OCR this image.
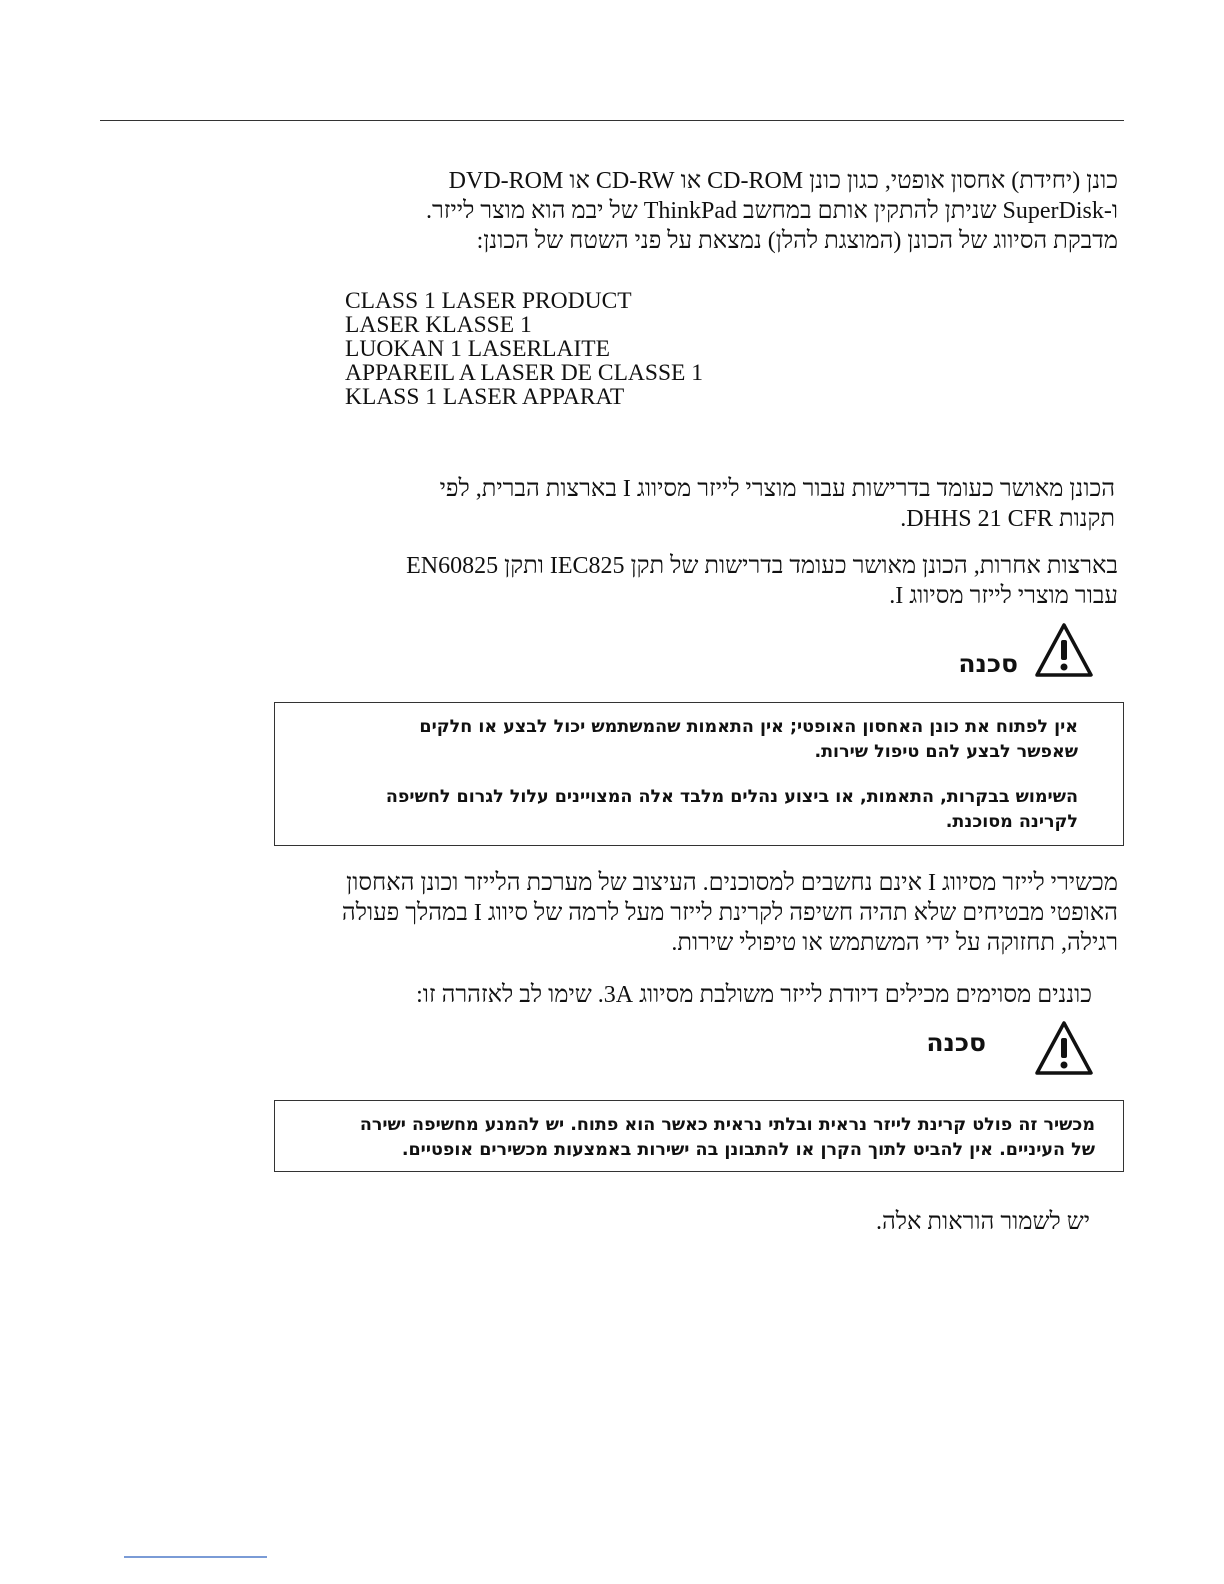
כונן (יחידת) אחסון אופטי, כגון כונן CD-ROM או CD-RW או DVD-ROM
ו-SuperDisk שניתן להתקין אותם במחשב ThinkPad של יבמ הוא מוצר לייזר.
מדבקת הסיווג של הכונן (המוצגת להלן) נמצאת על פני השטח של הכונן:
CLASS 1 LASER PRODUCT
LASER KLASSE 1
LUOKAN 1 LASERLAITE
APPAREIL A LASER DE CLASSE 1
KLASS 1 LASER APPARAT
הכונן מאושר כעומד בדרישות עבור מוצרי לייזר מסיווג I בארצות הברית, לפי
תקנות DHHS 21 CFR.
בארצות אחרות, הכונן מאושר כעומד בדרישות של תקן IEC825 ותקן EN60825
עבור מוצרי לייזר מסיווג I.
סכנה
אין לפתוח את כונן האחסון האופטי; אין התאמות שהמשתמש יכול לבצע או חלקים
שאפשר לבצע להם טיפול שירות.
השימוש בבקרות, התאמות, או ביצוע נהלים מלבד אלה המצויינים עלול לגרום לחשיפה
לקרינה מסוכנת.
מכשירי לייזר מסיווג I אינם נחשבים למסוכנים. העיצוב של מערכת הלייזר וכונן האחסון
האופטי מבטיחים שלא תהיה חשיפה לקרינת לייזר מעל לרמה של סיווג I במהלך פעולה
רגילה, תחזוקה על ידי המשתמש או טיפולי שירות.
כוננים מסוימים מכילים דיודת לייזר משולבת מסיווג 3A. שימו לב לאזהרה זו:
סכנה
מכשיר זה פולט קרינת לייזר נראית ובלתי נראית כאשר הוא פתוח. יש להמנע מחשיפה ישירה
של העיניים. אין להביט לתוך הקרן או להתבונן בה ישירות באמצעות מכשירים אופטיים.
יש לשמור הוראות אלה.
